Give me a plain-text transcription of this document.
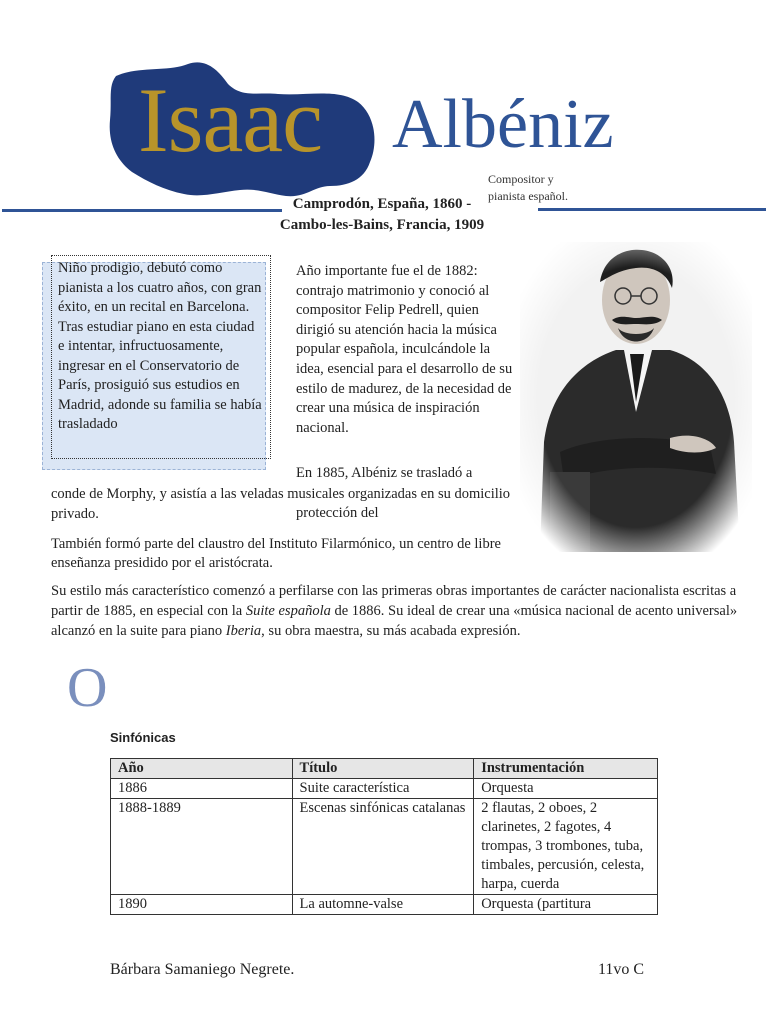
Isaac Albéniz
Compositor y pianista español.
Camprodón, España, 1860 - Cambo-les-Bains, Francia, 1909
Niño prodigio, debutó como pianista a los cuatro años, con gran éxito, en un recital en Barcelona. Tras estudiar piano en esta ciudad e intentar, infructuosamente, ingresar en el Conservatorio de París, prosiguió sus estudios en Madrid, adonde su familia se había trasladado
Año importante fue el de 1882: contrajo matrimonio y conoció al compositor Felip Pedrell, quien dirigió su atención hacia la música popular española, inculcándole la idea, esencial para el desarrollo de su estilo de madurez, de la necesidad de crear una música de inspiración nacional.
En 1885, Albéniz se trasladó a
conde de Morphy, y asistía a las veladas musicales organizadas en su domicilio privado.	protección del
También formó parte del claustro del Instituto Filarmónico, un centro de libre enseñanza presidido por el aristócrata.
Su estilo más característico comenzó a perfilarse con las primeras obras importantes de carácter nacionalista escritas a partir de 1885, en especial con la Suite española de 1886. Su ideal de crear una «música nacional de acento universal» alcanzó en la suite para piano Iberia, su obra maestra, su más acabada expresión.
O
Sinfónicas
Año	Título	Instrumentación
1886	Suite característica	Orquesta
1888-1889	Escenas sinfónicas catalanas	2 flautas, 2 oboes, 2 clarinetes, 2 fagotes, 4 trompas, 3 trombones, tuba, timbales, percusión, celesta, harpa, cuerda
1890	La automne-valse	Orquesta (partitura
Bárbara Samaniego Negrete.	11vo C
